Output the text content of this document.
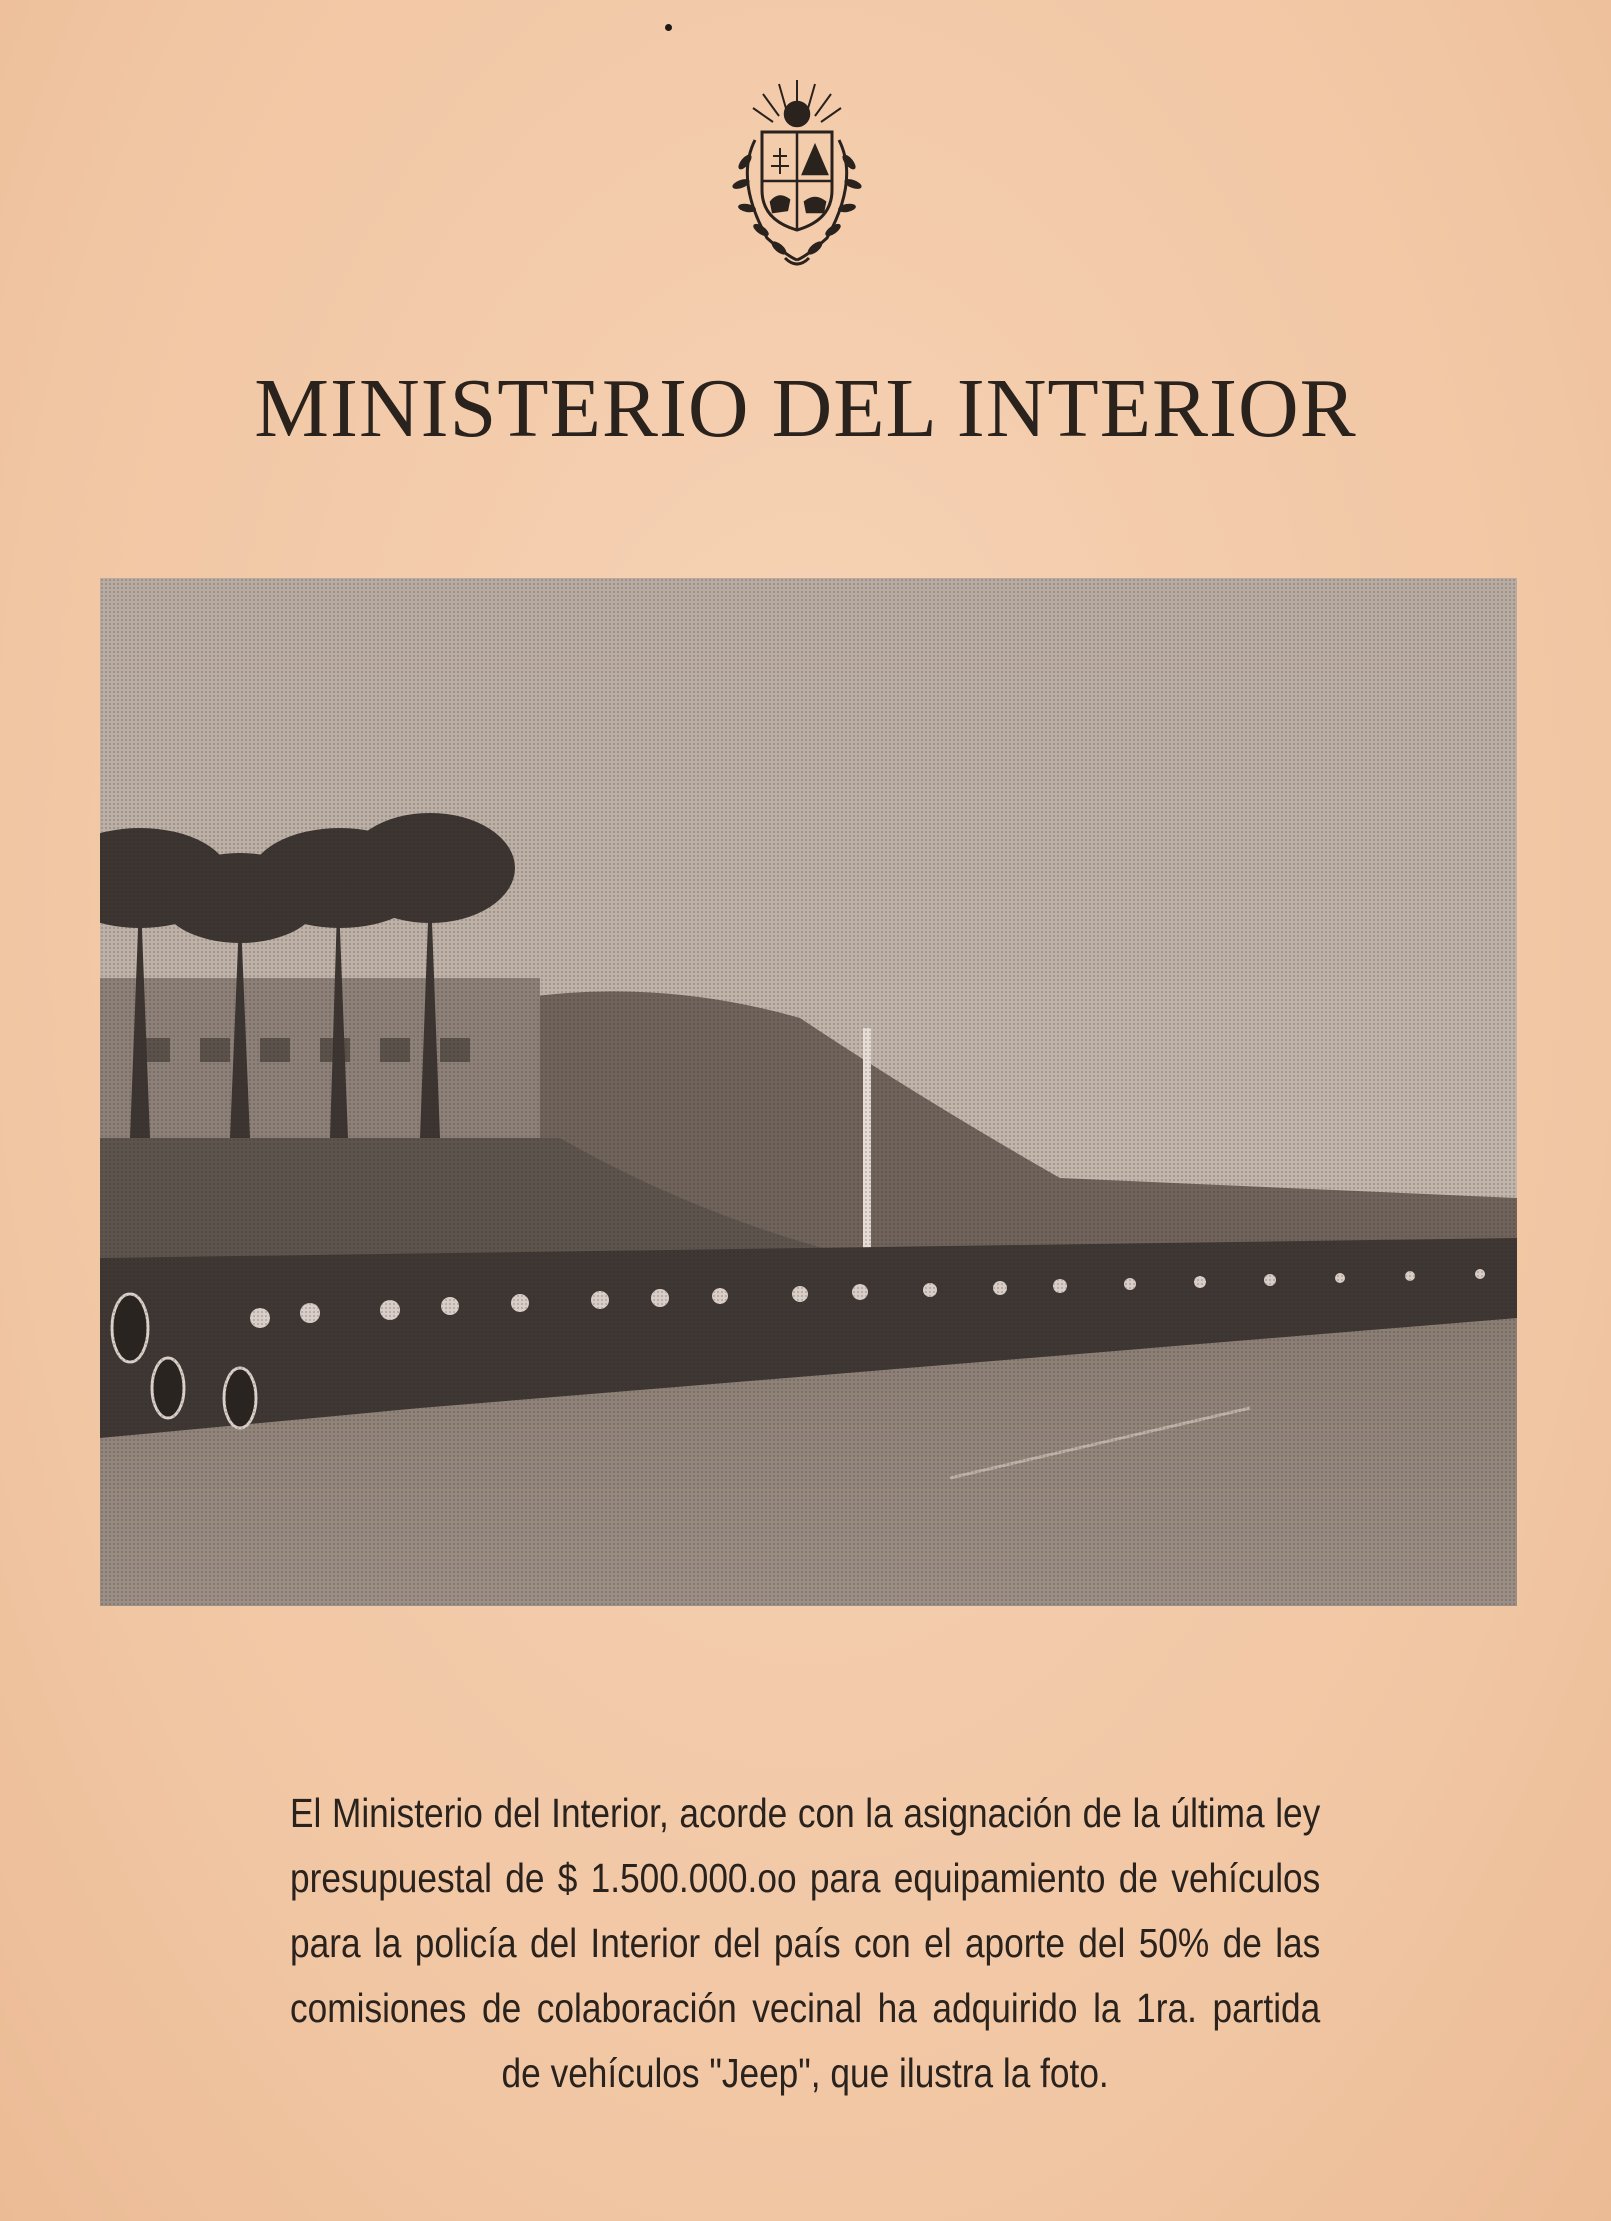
MINISTERIO DEL INTERIOR

El Ministerio del Interior, acorde con la asignación de la última ley presupuestal de $ 1.500.000.oo para equipamiento de vehículos para la policía del Interior del país con el aporte del 50% de las comisiones de colaboración vecinal ha adquirido la 1ra. partida de vehículos "Jeep", que ilustra la foto.
